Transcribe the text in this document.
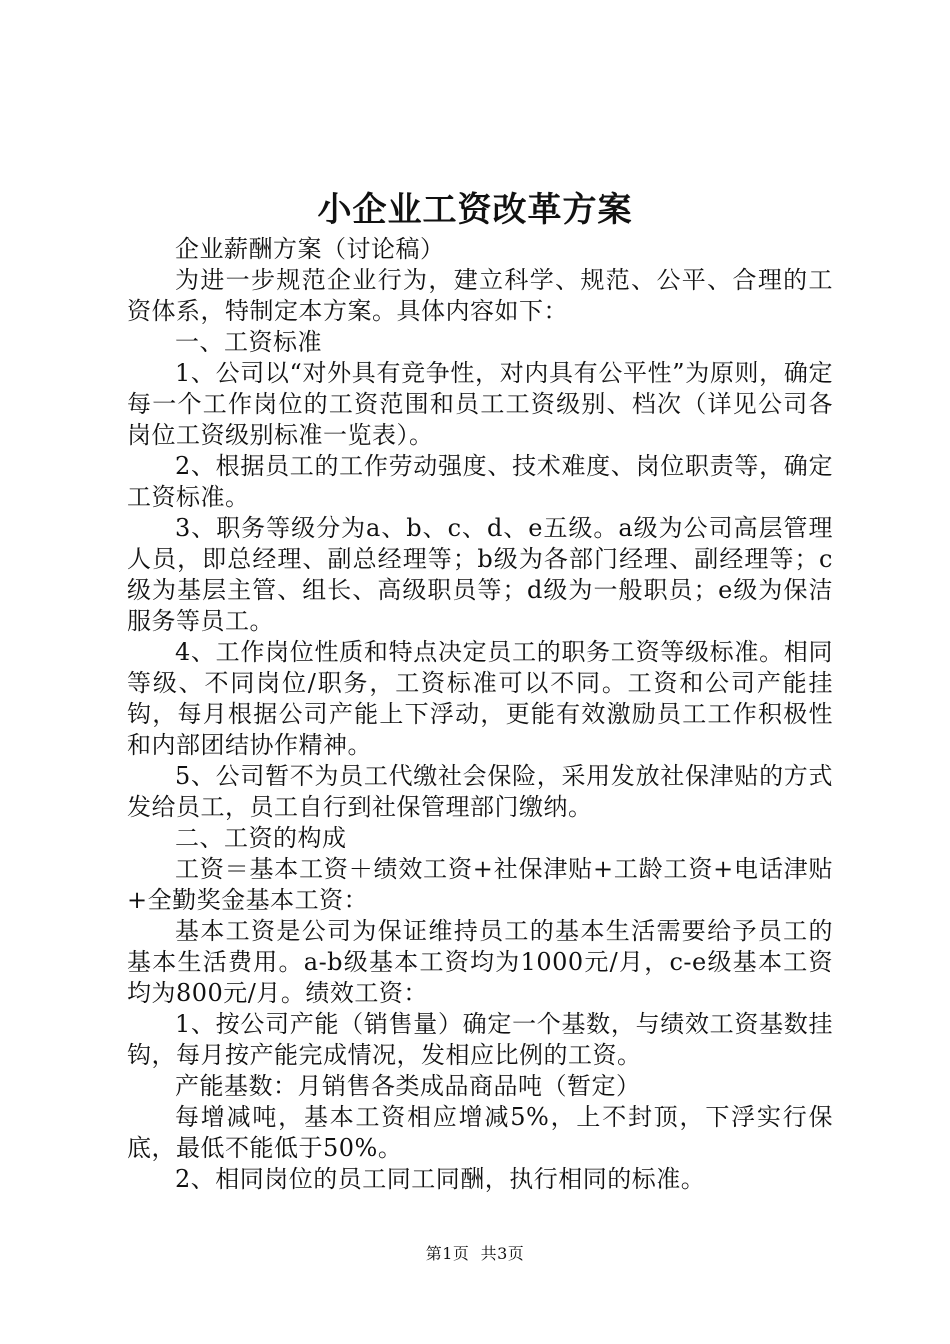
小企业工资改革方案

企业薪酬方案（讨论稿）

为进一步规范企业行为，建立科学、规范、公平、合理的工资体系，特制定本方案。具体内容如下：

一、工资标准

1、公司以“对外具有竞争性，对内具有公平性”为原则，确定每一个工作岗位的工资范围和员工工资级别、档次（详见公司各岗位工资级别标准一览表）。

2、根据员工的工作劳动强度、技术难度、岗位职责等，确定工资标准。

3、职务等级分为a、b、c、d、e五级。a级为公司高层管理人员，即总经理、副总经理等；b级为各部门经理、副经理等；c级为基层主管、组长、高级职员等；d级为一般职员；e级为保洁服务等员工。

4、工作岗位性质和特点决定员工的职务工资等级标准。相同等级、不同岗位/职务，工资标准可以不同。工资和公司产能挂钩，每月根据公司产能上下浮动，更能有效激励员工工作积极性和内部团结协作精神。

5、公司暂不为员工代缴社会保险，采用发放社保津贴的方式发给员工，员工自行到社保管理部门缴纳。

二、工资的构成

工资＝基本工资＋绩效工资+社保津贴+工龄工资+电话津贴+全勤奖金基本工资：

基本工资是公司为保证维持员工的基本生活需要给予员工的基本生活费用。a-b级基本工资均为1000元/月，c-e级基本工资均为800元/月。绩效工资：

1、按公司产能（销售量）确定一个基数，与绩效工资基数挂钩，每月按产能完成情况，发相应比例的工资。

产能基数：月销售各类成品商品吨（暂定）

每增减吨，基本工资相应增减5%，上不封顶，下浮实行保底，最低不能低于50%。

2、相同岗位的员工同工同酬，执行相同的标准。

第1页  共3页
